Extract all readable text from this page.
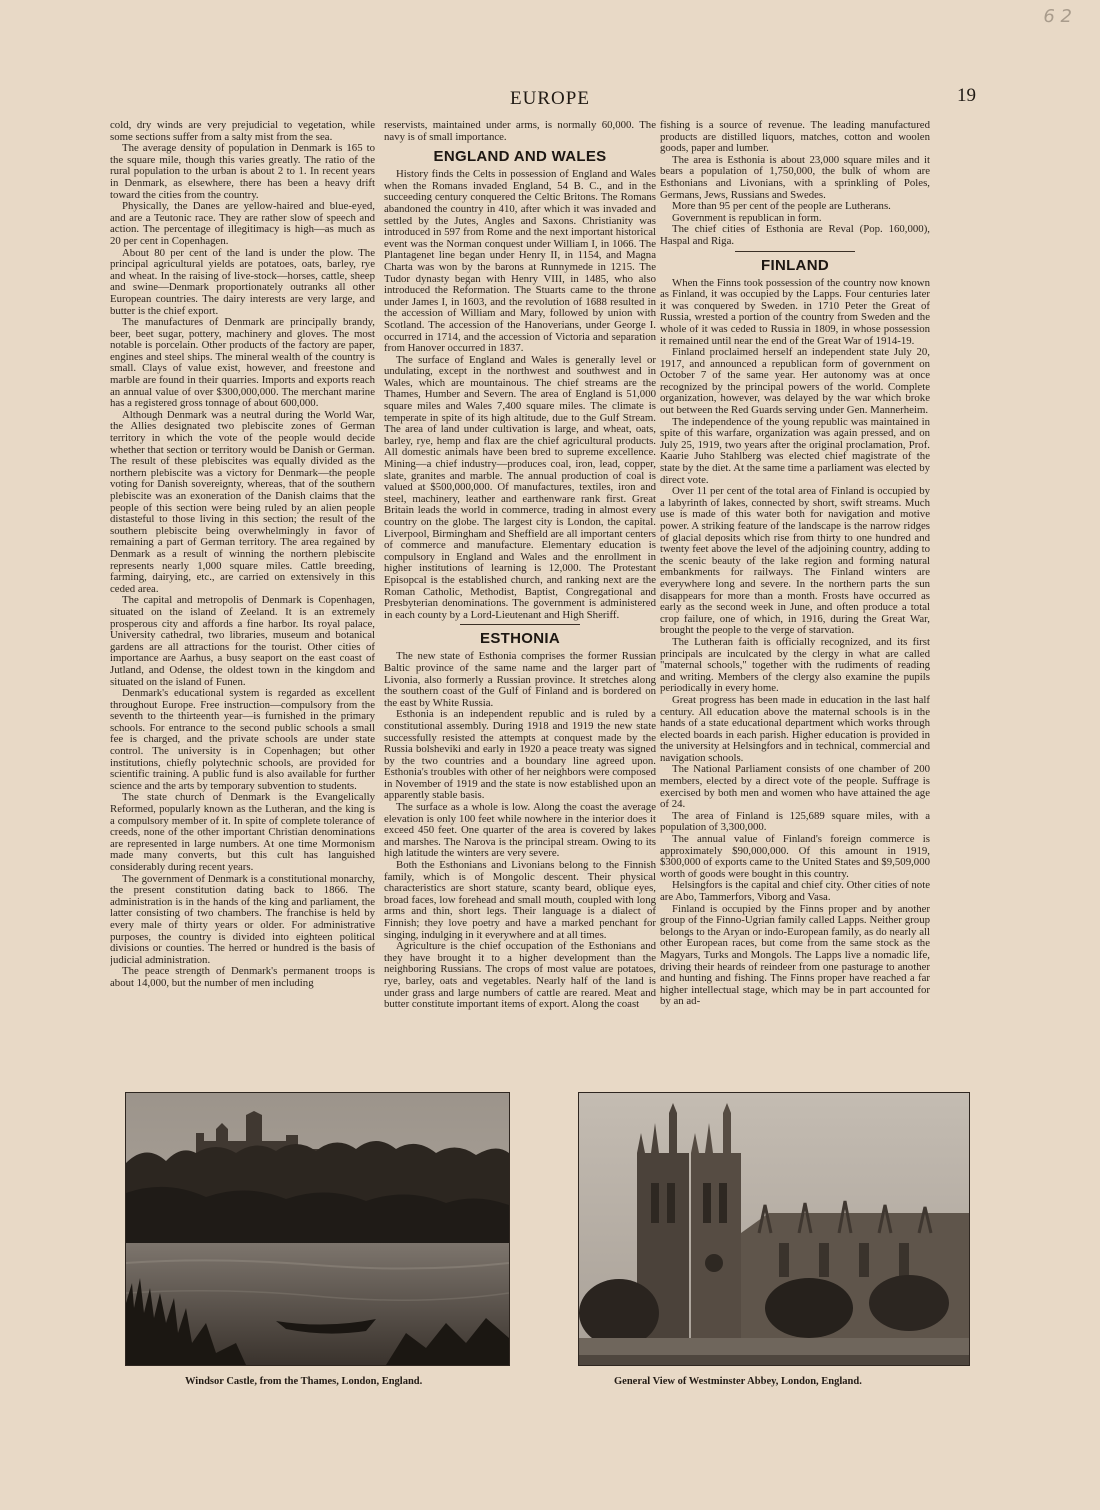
6 2
EUROPE	19

cold, dry winds are very prejudicial to vegetation, while some sections suffer from a salty mist from the sea.

The average density of population in Denmark is 165 to the square mile, though this varies greatly. The ratio of the rural population to the urban is about 2 to 1. In recent years in Denmark, as elsewhere, there has been a heavy drift toward the cities from the country.

Physically, the Danes are yellow-haired and blue-eyed, and are a Teutonic race. They are rather slow of speech and action. The percentage of illegitimacy is high—as much as 20 per cent in Copenhagen.

About 80 per cent of the land is under the plow. The principal agricultural yields are potatoes, oats, barley, rye and wheat. In the raising of live-stock—horses, cattle, sheep and swine—Denmark proportionately outranks all other European countries. The dairy interests are very large, and butter is the chief export.

The manufactures of Denmark are principally brandy, beer, beet sugar, pottery, machinery and gloves. The most notable is porcelain. Other products of the factory are paper, engines and steel ships. The mineral wealth of the country is small. Clays of value exist, however, and freestone and marble are found in their quarries. Imports and exports reach an annual value of over $300,000,000. The merchant marine has a registered gross tonnage of about 600,000.

Although Denmark was a neutral during the World War, the Allies designated two plebiscite zones of German territory in which the vote of the people would decide whether that section or territory would be Danish or German. The result of these plebiscites was equally divided as the northern plebiscite was a victory for Denmark—the people voting for Danish sovereignty, whereas, that of the southern plebiscite was an exoneration of the Danish claims that the people of this section were being ruled by an alien people distasteful to those living in this section; the result of the southern plebiscite being overwhelmingly in favor of remaining a part of German territory. The area regained by Denmark as a result of winning the northern plebiscite represents nearly 1,000 square miles. Cattle breeding, farming, dairying, etc., are carried on extensively in this ceded area.

The capital and metropolis of Denmark is Copenhagen, situated on the island of Zeeland. It is an extremely prosperous city and affords a fine harbor. Its royal palace, University cathedral, two libraries, museum and botanical gardens are all attractions for the tourist. Other cities of importance are Aarhus, a busy seaport on the east coast of Jutland, and Odense, the oldest town in the kingdom and situated on the island of Funen.

Denmark's educational system is regarded as excellent throughout Europe. Free instruction—compulsory from the seventh to the thirteenth year—is furnished in the primary schools. For entrance to the second public schools a small fee is charged, and the private schools are under state control. The university is in Copenhagen; but other institutions, chiefly polytechnic schools, are provided for scientific training. A public fund is also available for further science and the arts by temporary subvention to students.

The state church of Denmark is the Evangelically Reformed, popularly known as the Lutheran, and the king is a compulsory member of it. In spite of complete tolerance of creeds, none of the other important Christian denominations are represented in large numbers. At one time Mormonism made many converts, but this cult has languished considerably during recent years.

The government of Denmark is a constitutional monarchy, the present constitution dating back to 1866. The administration is in the hands of the king and parliament, the latter consisting of two chambers. The franchise is held by every male of thirty years or older. For administrative purposes, the country is divided into eighteen political divisions or counties. The herred or hundred is the basis of judicial administration.

The peace strength of Denmark's permanent troops is about 14,000, but the number of men including

reservists, maintained under arms, is normally 60,000. The navy is of small importance.

ENGLAND AND WALES

History finds the Celts in possession of England and Wales when the Romans invaded England, 54 B. C., and in the succeeding century conquered the Celtic Britons. The Romans abandoned the country in 410, after which it was invaded and settled by the Jutes, Angles and Saxons. Christianity was introduced in 597 from Rome and the next important historical event was the Norman conquest under William I, in 1066. The Plantagenet line began under Henry II, in 1154, and Magna Charta was won by the barons at Runnymede in 1215. The Tudor dynasty began with Henry VIII, in 1485, who also introduced the Reformation. The Stuarts came to the throne under James I, in 1603, and the revolution of 1688 resulted in the accession of William and Mary, followed by union with Scotland. The accession of the Hanoverians, under George I. occurred in 1714, and the accession of Victoria and separation from Hanover occurred in 1837.

The surface of England and Wales is generally level or undulating, except in the northwest and southwest and in Wales, which are mountainous. The chief streams are the Thames, Humber and Severn. The area of England is 51,000 square miles and Wales 7,400 square miles. The climate is temperate in spite of its high altitude, due to the Gulf Stream. The area of land under cultivation is large, and wheat, oats, barley, rye, hemp and flax are the chief agricultural products. All domestic animals have been bred to supreme excellence. Mining—a chief industry—produces coal, iron, lead, copper, slate, granites and marble. The annual production of coal is valued at $500,000,000. Of manufactures, textiles, iron and steel, machinery, leather and earthenware rank first. Great Britain leads the world in commerce, trading in almost every country on the globe. The largest city is London, the capital. Liverpool, Birmingham and Sheffield are all important centers of commerce and manufacture. Elementary education is compulsory in England and Wales and the enrollment in higher institutions of learning is 12,000. The Protestant Episopcal is the established church, and ranking next are the Roman Catholic, Methodist, Baptist, Congregational and Presbyterian denominations. The government is administered in each county by a Lord-Lieutenant and High Sheriff.

ESTHONIA

The new state of Esthonia comprises the former Russian Baltic province of the same name and the larger part of Livonia, also formerly a Russian province. It stretches along the southern coast of the Gulf of Finland and is bordered on the east by White Russia.

Esthonia is an independent republic and is ruled by a constitutional assembly. During 1918 and 1919 the new state successfully resisted the attempts at conquest made by the Russia bolsheviki and early in 1920 a peace treaty was signed by the two countries and a boundary line agreed upon. Esthonia's troubles with other of her neighbors were composed in November of 1919 and the state is now established upon an apparently stable basis.

The surface as a whole is low. Along the coast the average elevation is only 100 feet while nowhere in the interior does it exceed 450 feet. One quarter of the area is covered by lakes and marshes. The Narova is the principal stream. Owing to its high latitude the winters are very severe.

Both the Esthonians and Livonians belong to the Finnish family, which is of Mongolic descent. Their physical characteristics are short stature, scanty beard, oblique eyes, broad faces, low forehead and small mouth, coupled with long arms and thin, short legs. Their language is a dialect of Finnish; they love poetry and have a marked penchant for singing, indulging in it everywhere and at all times.

Agriculture is the chief occupation of the Esthonians and they have brought it to a higher development than the neighboring Russians. The crops of most value are potatoes, rye, barley, oats and vegetables. Nearly half of the land is under grass and large numbers of cattle are reared. Meat and butter constitute important items of export. Along the coast

fishing is a source of revenue. The leading manufactured products are distilled liquors, matches, cotton and woolen goods, paper and lumber.

The area is Esthonia is about 23,000 square miles and it bears a population of 1,750,000, the bulk of whom are Esthonians and Livonians, with a sprinkling of Poles, Germans, Jews, Russians and Swedes.

More than 95 per cent of the people are Lutherans.

Government is republican in form.

The chief cities of Esthonia are Reval (Pop. 160,000), Haspal and Riga.

FINLAND

When the Finns took possession of the country now known as Finland, it was occupied by the Lapps. Four centuries later it was conquered by Sweden. in 1710 Peter the Great of Russia, wrested a portion of the country from Sweden and the whole of it was ceded to Russia in 1809, in whose possession it remained until near the end of the Great War of 1914-19.

Finland proclaimed herself an independent state July 20, 1917, and announced a republican form of government on October 7 of the same year. Her autonomy was at once recognized by the principal powers of the world. Complete organization, however, was delayed by the war which broke out between the Red Guards serving under Gen. Mannerheim.

The independence of the young republic was maintained in spite of this warfare, organization was again pressed, and on July 25, 1919, two years after the original proclamation, Prof. Kaarie Juho Stahlberg was elected chief magistrate of the state by the diet. At the same time a parliament was elected by direct vote.

Over 11 per cent of the total area of Finland is occupied by a labyrinth of lakes, connected by short, swift streams. Much use is made of this water both for navigation and motive power. A striking feature of the landscape is the narrow ridges of glacial deposits which rise from thirty to one hundred and twenty feet above the level of the adjoining country, adding to the scenic beauty of the lake region and forming natural embankments for railways. The Finland winters are everywhere long and severe. In the northern parts the sun disappears for more than a month. Frosts have occurred as early as the second week in June, and often produce a total crop failure, one of which, in 1916, during the Great War, brought the people to the verge of starvation.

The Lutheran faith is officially recognized, and its first principals are inculcated by the clergy in what are called "maternal schools," together with the rudiments of reading and writing. Members of the clergy also examine the pupils periodically in every home.

Great progress has been made in education in the last half century. All education above the maternal schools is in the hands of a state educational department which works through elected boards in each parish. Higher education is provided in the university at Helsingfors and in technical, commercial and navigation schools.

The National Parliament consists of one chamber of 200 members, elected by a direct vote of the people. Suffrage is exercised by both men and women who have attained the age of 24.

The area of Finland is 125,689 square miles, with a population of 3,300,000.

The annual value of Finland's foreign commerce is approximately $90,000,000. Of this amount in 1919, $300,000 of exports came to the United States and $9,509,000 worth of goods were bought in this country.

Helsingfors is the capital and chief city. Other cities of note are Abo, Tammerfors, Viborg and Vasa.

Finland is occupied by the Finns proper and by another group of the Finno-Ugrian family called Lapps. Neither group belongs to the Aryan or indo-European family, as do nearly all other European races, but come from the same stock as the Magyars, Turks and Mongols. The Lapps live a nomadic life, driving their heards of reindeer from one pasturage to another and hunting and fishing. The Finns proper have reached a far higher intellectual stage, which may be in part accounted for by an ad-

Windsor Castle, from the Thames, London, England.	General View of Westminster Abbey, London, England.
